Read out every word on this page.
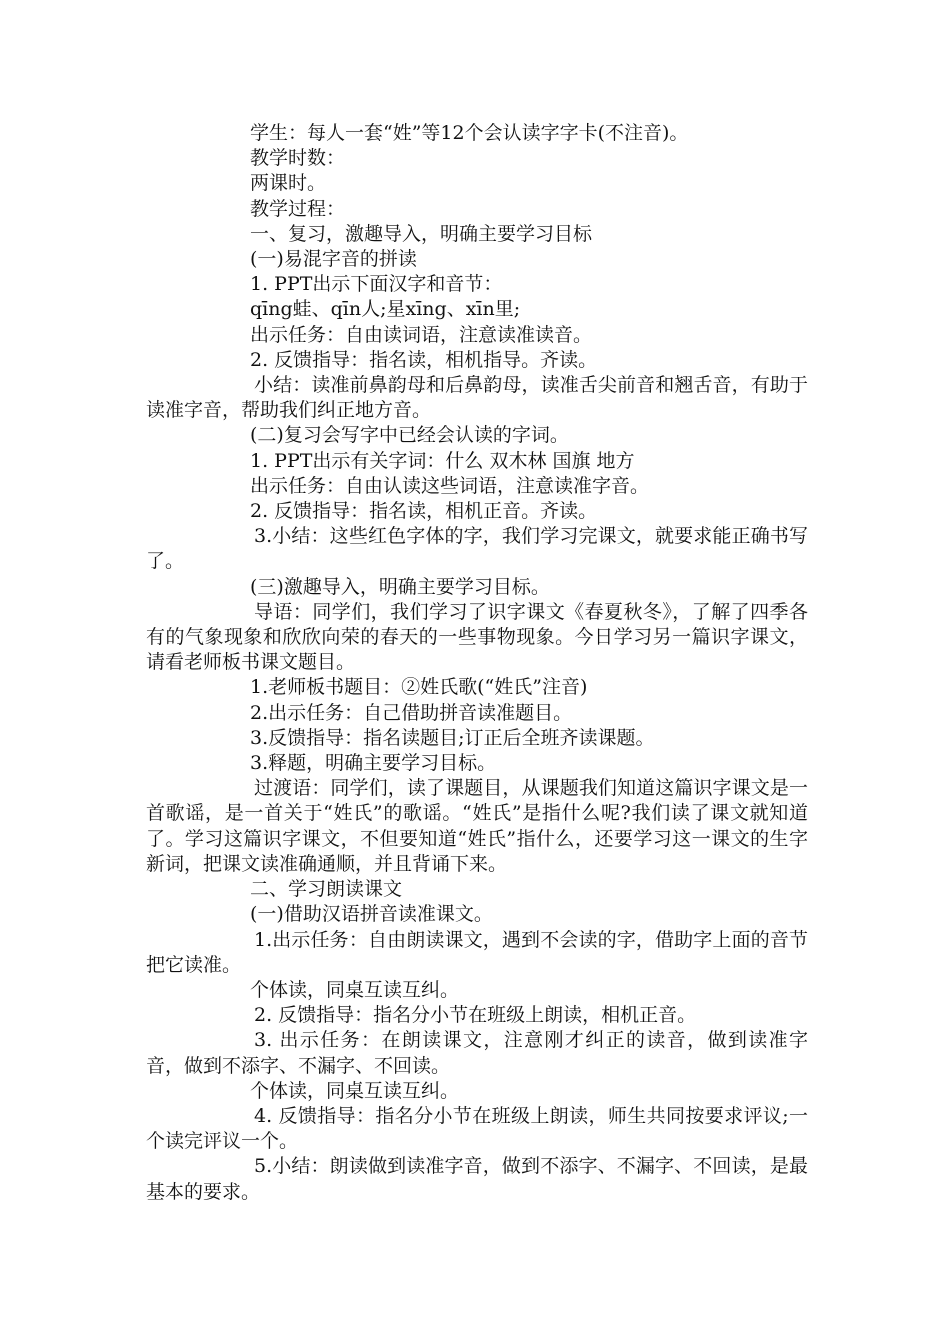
学生：每人一套“姓”等12个会认读字字卡(不注音)。

教学时数：

两课时。

教学过程：

一、复习，激趣导入，明确主要学习目标

(一)易混字音的拼读

1. PPT出示下面汉字和音节：

qīng蛙、qīn人;星xīng、xīn里;

出示任务：自由读词语，注意读准读音。

2. 反馈指导：指名读，相机指导。齐读。

小结：读准前鼻韵母和后鼻韵母，读准舌尖前音和翘舌音，有助于读准字音，帮助我们纠正地方音。

(二)复习会写字中已经会认读的字词。

1. PPT出示有关字词：什么 双木林 国旗 地方

出示任务：自由认读这些词语，注意读准字音。

2. 反馈指导：指名读，相机正音。齐读。

3.小结：这些红色字体的字，我们学习完课文，就要求能正确书写了。

(三)激趣导入，明确主要学习目标。

导语：同学们，我们学习了识字课文《春夏秋冬》，了解了四季各有的气象现象和欣欣向荣的春天的一些事物现象。今日学习另一篇识字课文，请看老师板书课文题目。

1.老师板书题目：②姓氏歌(“姓氏”注音)

2.出示任务：自己借助拼音读准题目。

3.反馈指导：指名读题目;订正后全班齐读课题。

3.释题，明确主要学习目标。

过渡语：同学们，读了课题目，从课题我们知道这篇识字课文是一首歌谣，是一首关于“姓氏”的歌谣。“姓氏”是指什么呢?我们读了课文就知道了。学习这篇识字课文，不但要知道“姓氏”指什么，还要学习这一课文的生字新词，把课文读准确通顺，并且背诵下来。

二、学习朗读课文

(一)借助汉语拼音读准课文。

1.出示任务：自由朗读课文，遇到不会读的字，借助字上面的音节把它读准。

个体读，同桌互读互纠。

2. 反馈指导：指名分小节在班级上朗读，相机正音。

3. 出示任务：在朗读课文，注意刚才纠正的读音，做到读准字音，做到不添字、不漏字、不回读。

个体读，同桌互读互纠。

4. 反馈指导：指名分小节在班级上朗读，师生共同按要求评议;一个读完评议一个。

5.小结：朗读做到读准字音，做到不添字、不漏字、不回读，是最基本的要求。
